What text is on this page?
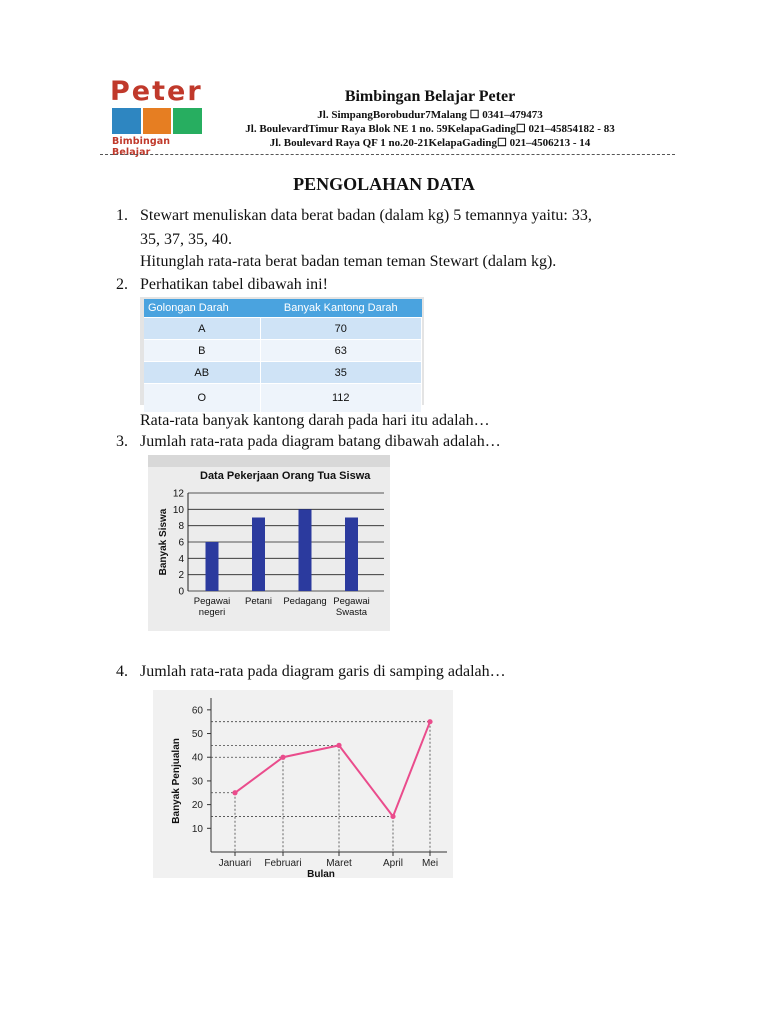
Peter
Bimbingan Belajar
Bimbingan Belajar Peter
Jl. SimpangBorobudur7Malang ☐ 0341–479473
Jl. BoulevardTimur Raya Blok NE 1 no. 59KelapaGading☐ 021–45854182 - 83
Jl. Boulevard Raya QF 1 no.20-21KelapaGading☐ 021–4506213 - 14
PENGOLAHAN DATA
1. Stewart menuliskan data berat badan (dalam kg) 5 temannya yaitu: 33,
35, 37, 35, 40.
Hitunglah rata-rata berat badan teman teman Stewart (dalam kg).
2. Perhatikan tabel dibawah ini!
Golongan Darah	Banyak Kantong Darah
A	70
B	63
AB	35
O	112
Rata-rata banyak kantong darah pada hari itu adalah…
3. Jumlah rata-rata pada diagram batang dibawah adalah…
Data Pekerjaan Orang Tua Siswa
0
2
4
6
8
10
12
Banyak Siswa
Pegawai
negeri
Petani Pedagang Pegawai
Swasta
4. Jumlah rata-rata pada diagram garis di samping adalah…
10
20
30
40
50
60
Banyak Penjualan
Januari Februari Maret	April Mei
Bulan
